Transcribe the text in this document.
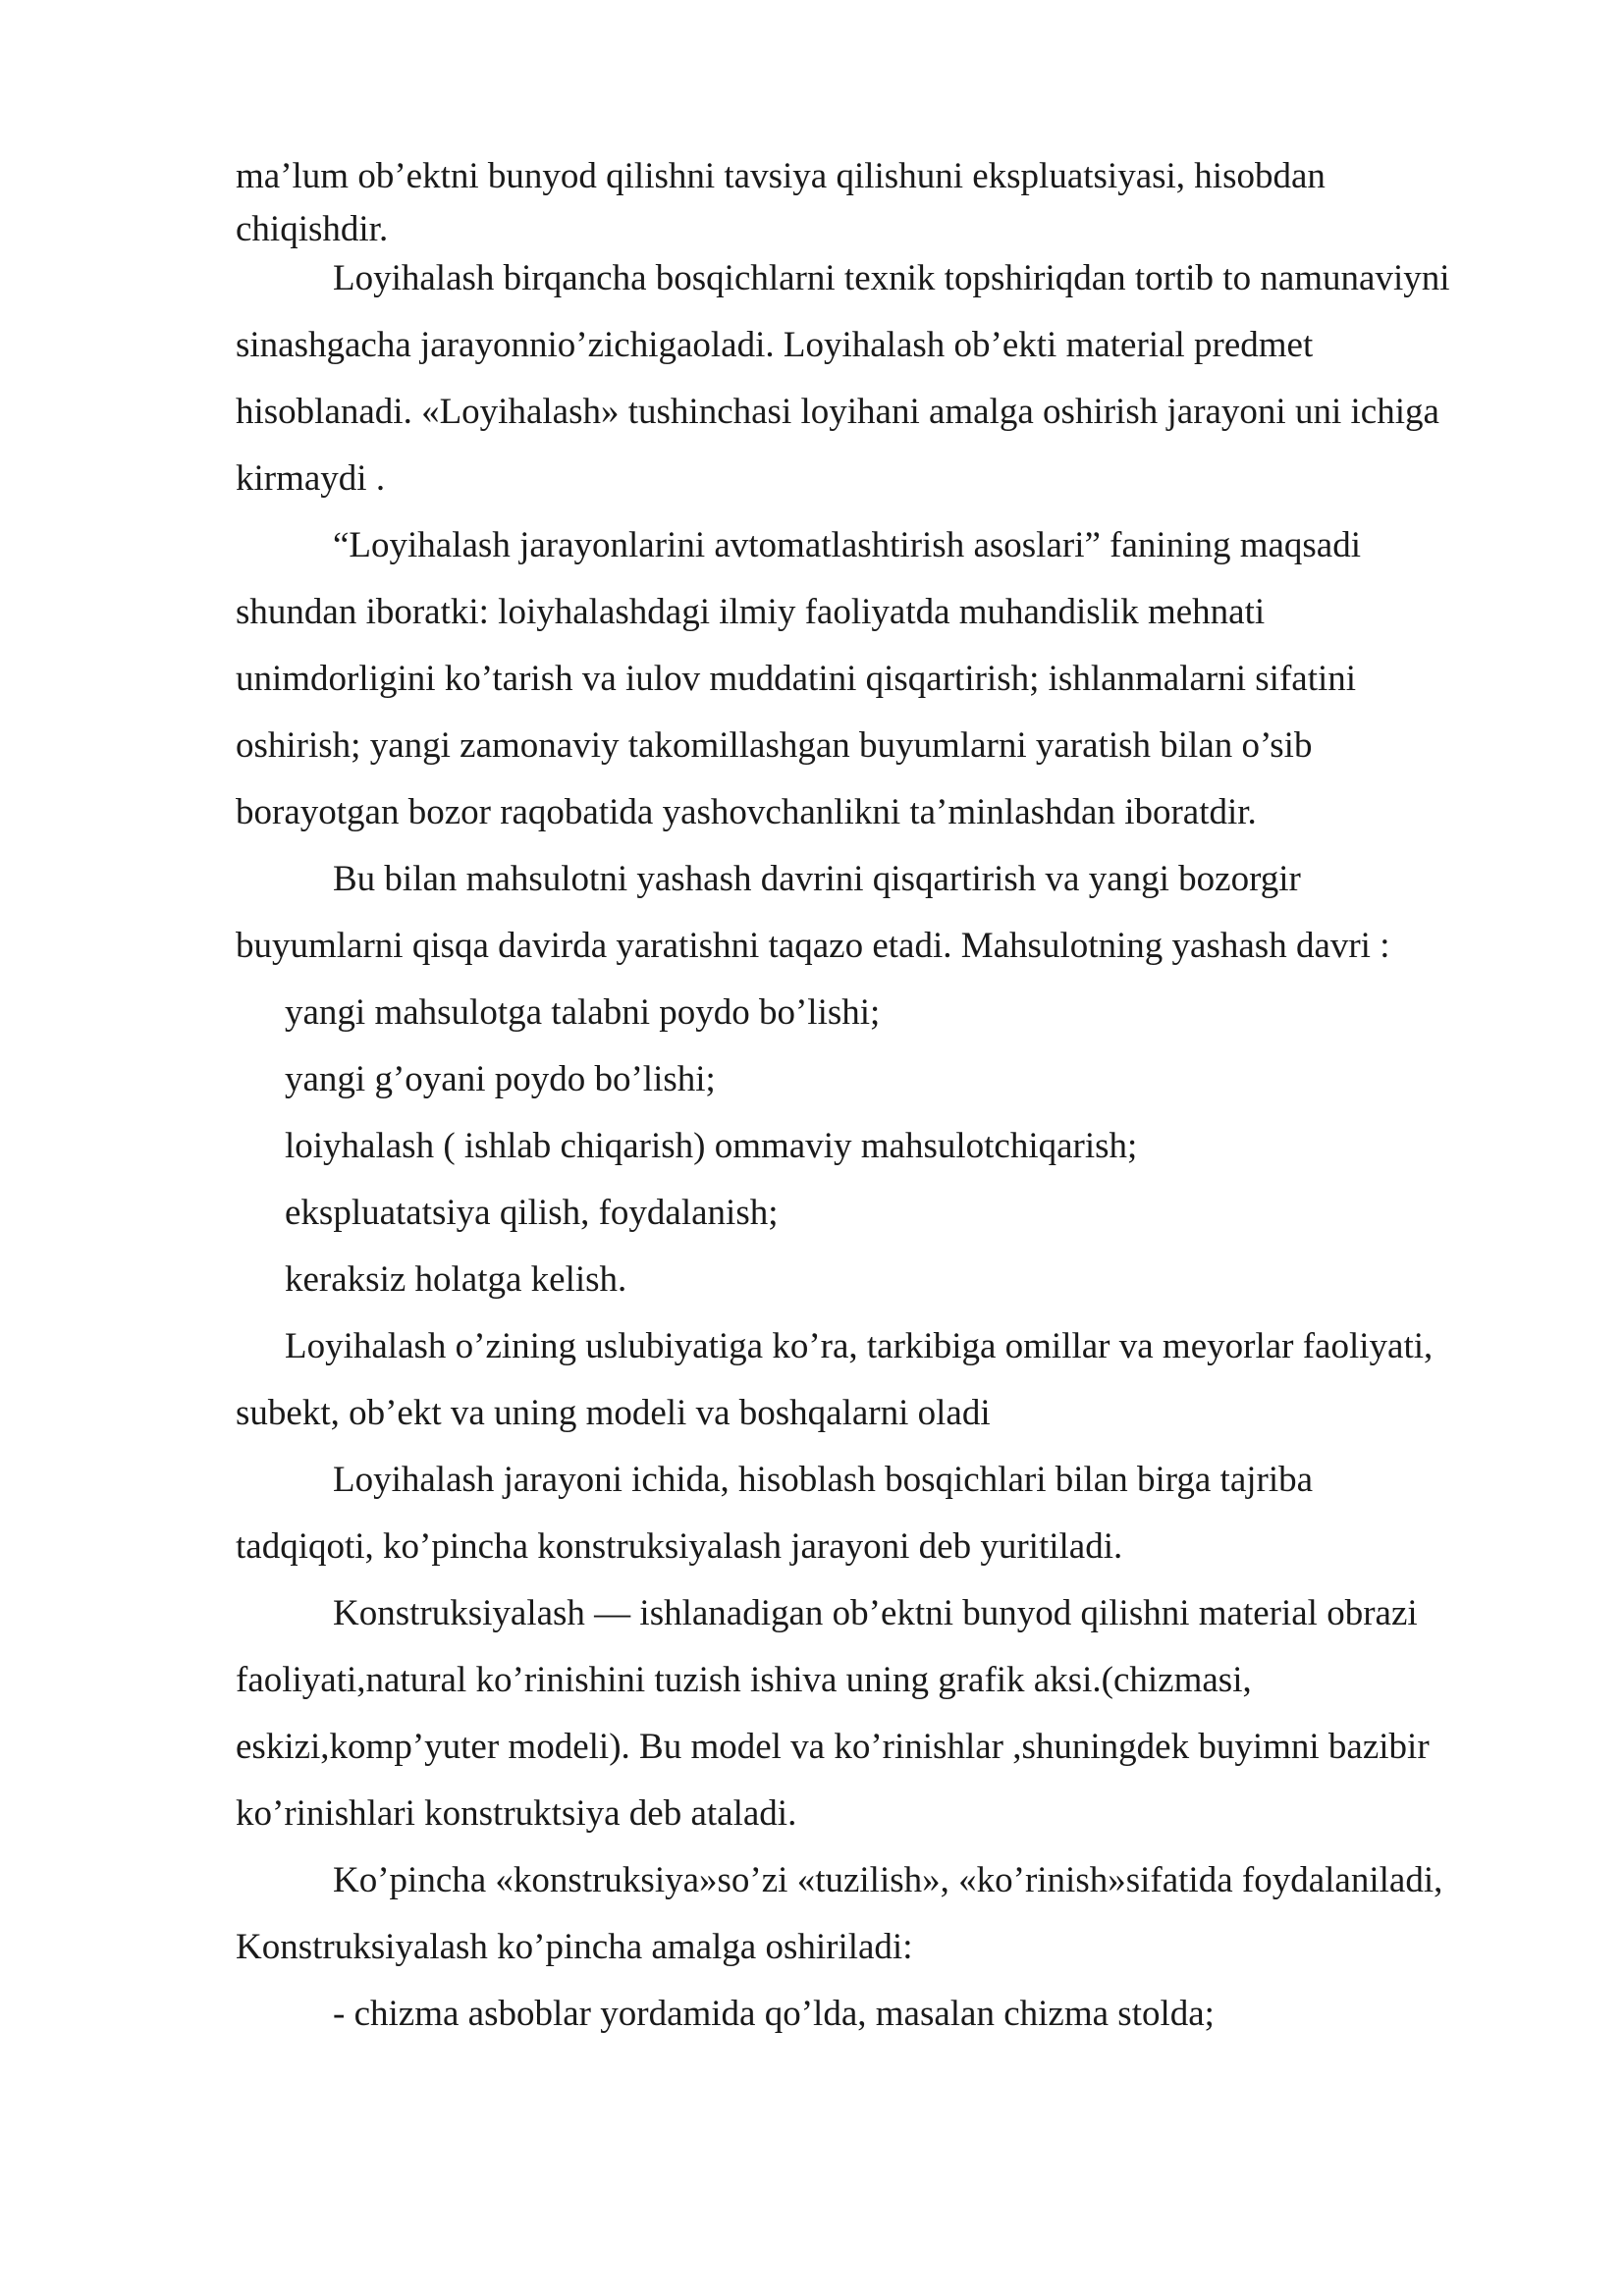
ma’lum ob’ektni bunyod qilishni tavsiya qilishuni ekspluatsiyasi, hisobdan
chiqishdir.
Loyihalash birqancha bosqichlarni texnik topshiriqdan tortib to namunaviyni
sinashgacha jarayonnio’zichigaoladi. Loyihalash ob’ekti material predmet
hisoblanadi. «Loyihalash» tushinchasi loyihani amalga oshirish jarayoni uni ichiga
kirmaydi .
“Loyihalash jarayonlarini avtomatlashtirish asoslari” fanining maqsadi
shundan iboratki: loiyhalashdagi ilmiy faoliyatda muhandislik mehnati
unimdorligini ko’tarish va iulov muddatini qisqartirish; ishlanmalarni sifatini
oshirish; yangi zamonaviy takomillashgan buyumlarni yaratish bilan o’sib
borayotgan bozor raqobatida yashovchanlikni ta’minlashdan iboratdir.
Bu bilan mahsulotni yashash davrini qisqartirish va yangi bozorgir
buyumlarni qisqa davirda yaratishni taqazo etadi. Mahsulotning yashash davri :
yangi mahsulotga talabni poydo bo’lishi;
yangi g’oyani poydo bo’lishi;
loiyhalash ( ishlab chiqarish) ommaviy mahsulotchiqarish;
ekspluatatsiya qilish, foydalanish;
keraksiz holatga kelish.
Loyihalash o’zining uslubiyatiga ko’ra, tarkibiga omillar va meyorlar faoliyati,
subekt, ob’ekt va uning modeli va boshqalarni oladi
Loyihalash jarayoni ichida, hisoblash bosqichlari bilan birga tajriba
tadqiqoti, ko’pincha konstruksiyalash jarayoni deb yuritiladi.
Konstruksiyalash — ishlanadigan ob’ektni bunyod qilishni material obrazi
faoliyati,natural ko’rinishini tuzish ishiva uning grafik aksi.(chizmasi,
eskizi,komp’yuter modeli). Bu model va ko’rinishlar ,shuningdek buyimni bazibir
ko’rinishlari konstruktsiya deb ataladi.
Ko’pincha «konstruksiya»so’zi «tuzilish», «ko’rinish»sifatida foydalaniladi,
Konstruksiyalash ko’pincha amalga oshiriladi:
- chizma asboblar yordamida qo’lda, masalan chizma stolda;
